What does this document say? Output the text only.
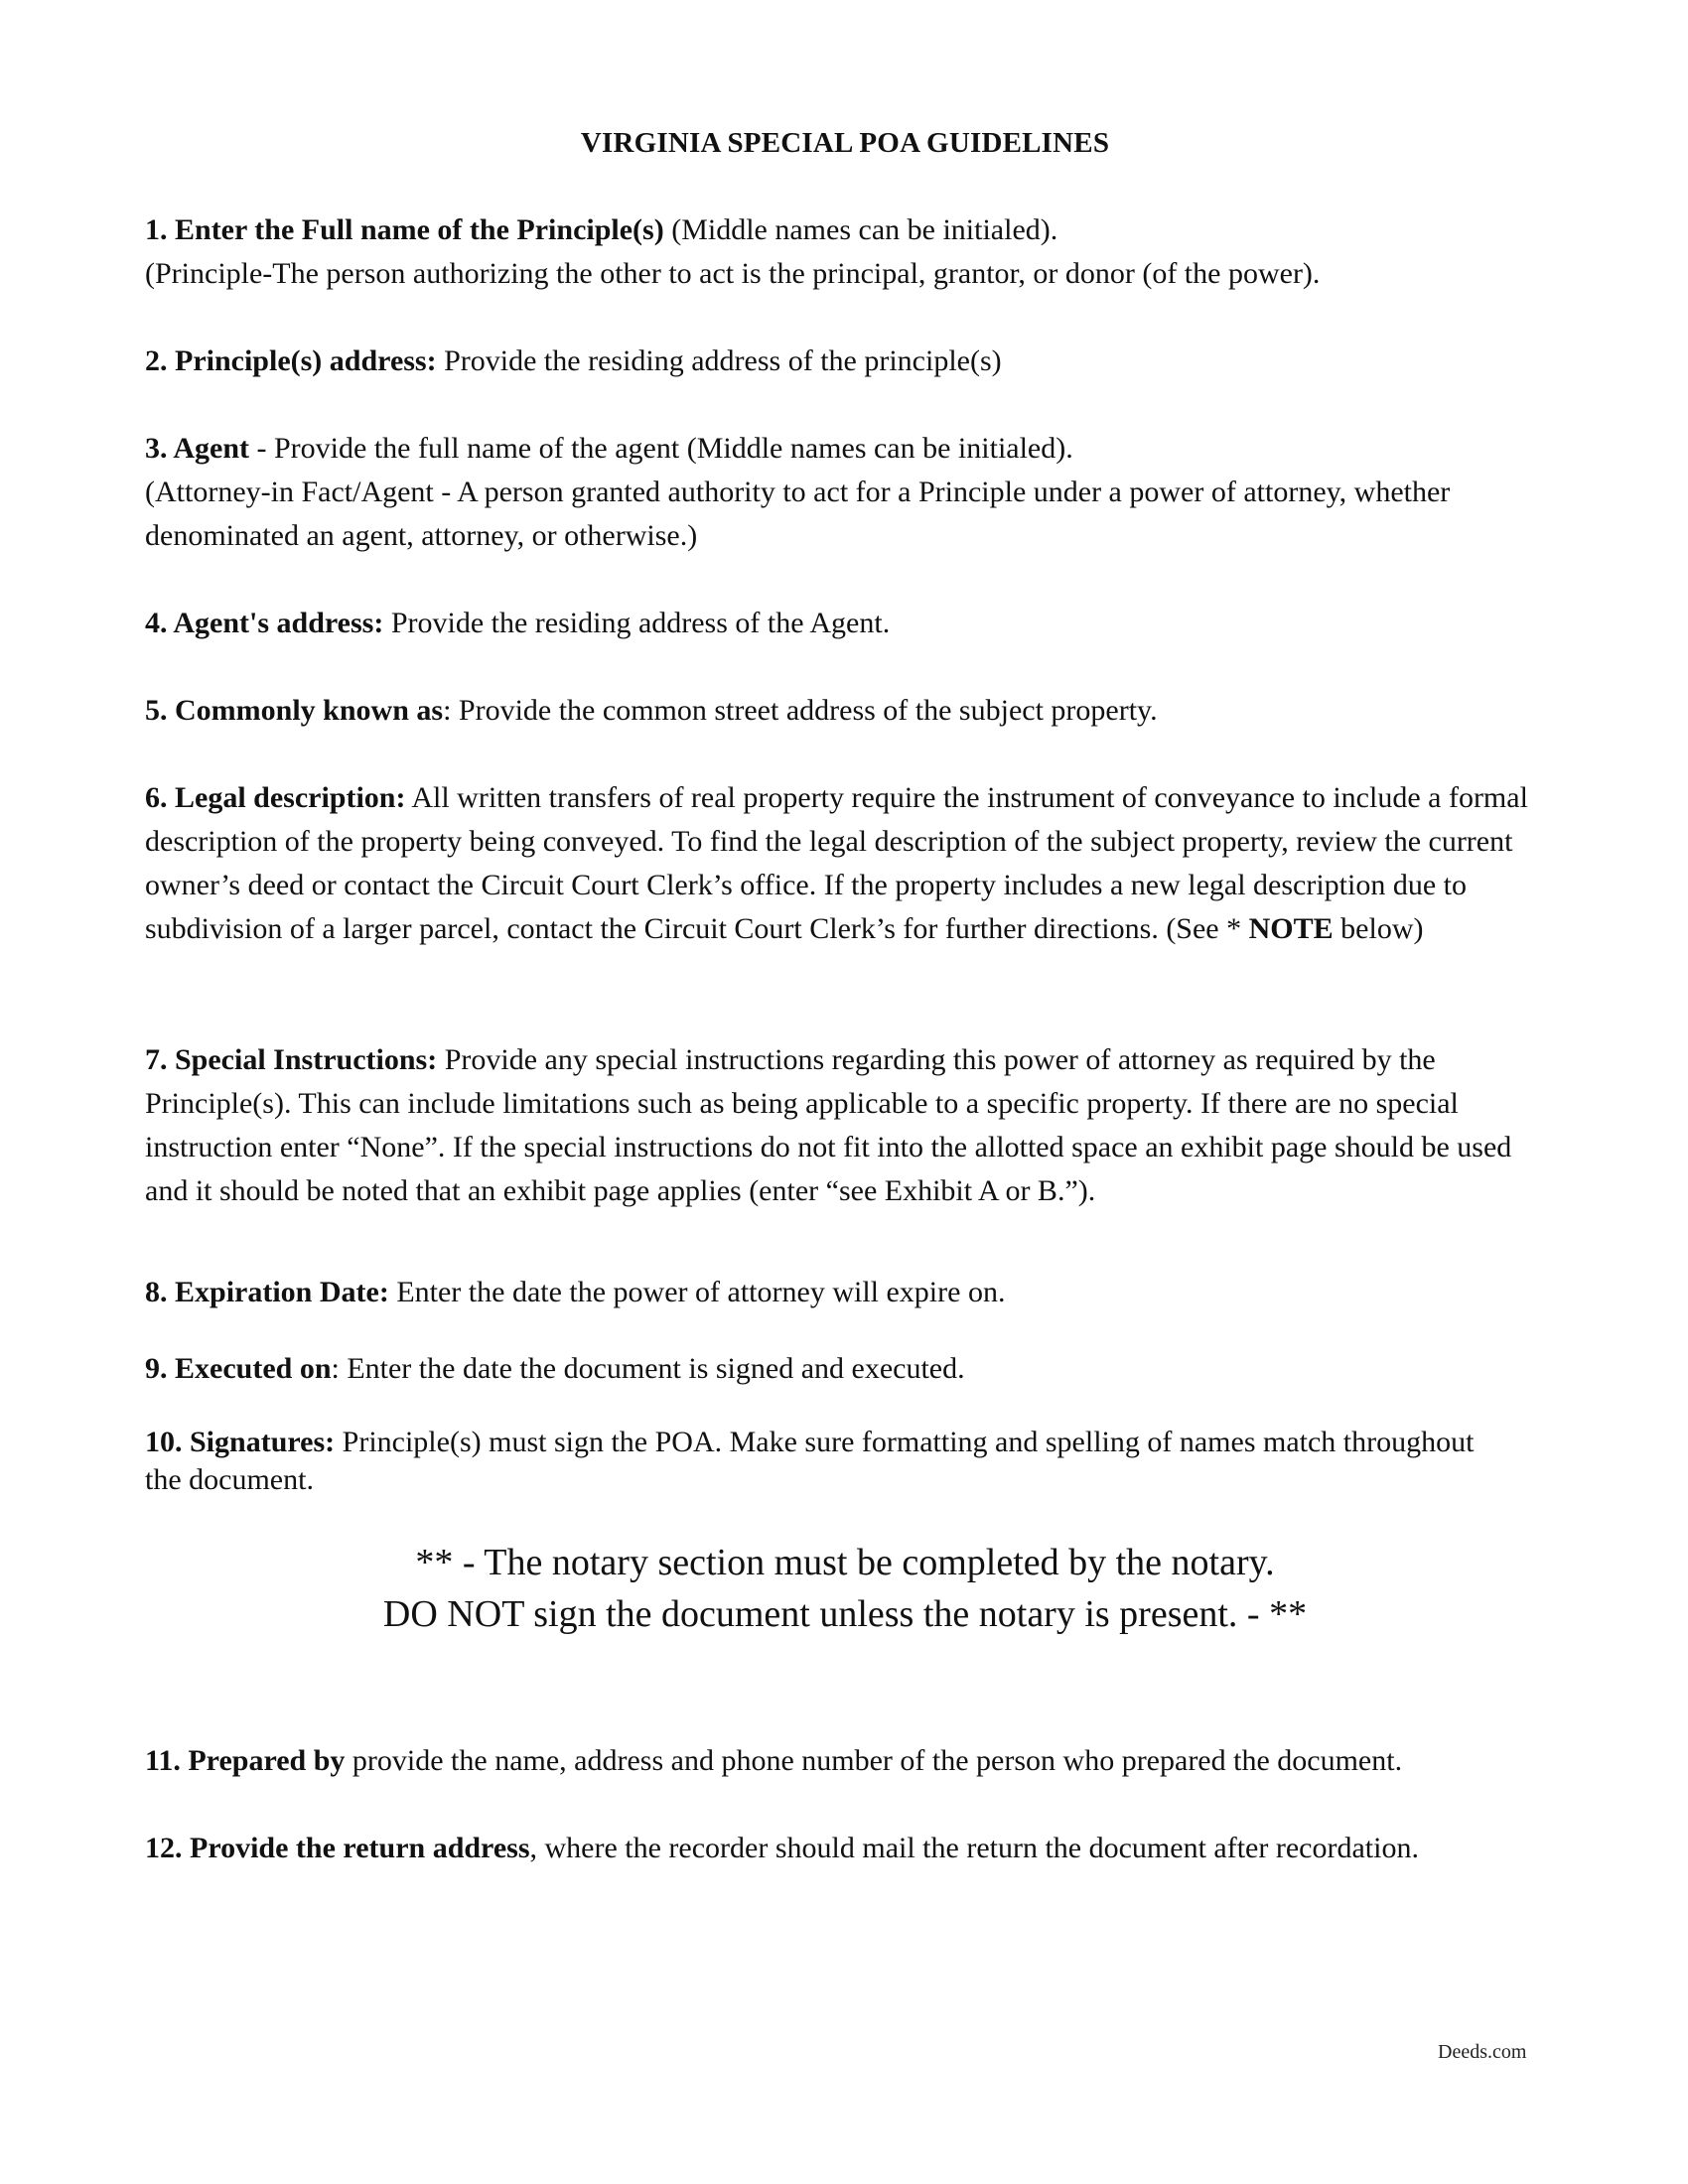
VIRGINIA SPECIAL POA GUIDELINES

1. Enter the Full name of the Principle(s) (Middle names can be initialed).

(Principle-The person authorizing the other to act is the principal, grantor, or donor (of the power).

2. Principle(s) address: Provide the residing address of the principle(s)

3. Agent - Provide the full name of the agent (Middle names can be initialed).

(Attorney-in Fact/Agent - A person granted authority to act for a Principle under a power of attorney, whether denominated an agent, attorney, or otherwise.)

4. Agent's address: Provide the residing address of the Agent.

5. Commonly known as: Provide the common street address of the subject property.

6. Legal description: All written transfers of real property require the instrument of conveyance to include a formal description of the property being conveyed. To find the legal description of the subject property, review the current owner’s deed or contact the Circuit Court Clerk’s office. If the property includes a new legal description due to subdivision of a larger parcel, contact the Circuit Court Clerk’s for further directions. (See * NOTE below)

7. Special Instructions: Provide any special instructions regarding this power of attorney as required by the Principle(s). This can include limitations such as being applicable to a specific property. If there are no special instruction enter “None”. If the special instructions do not fit into the allotted space an exhibit page should be used and it should be noted that an exhibit page applies (enter “see Exhibit A or B.”).

8. Expiration Date: Enter the date the power of attorney will expire on.

9. Executed on: Enter the date the document is signed and executed.

10. Signatures: Principle(s) must sign the POA. Make sure formatting and spelling of names match throughout the document.

** - The notary section must be completed by the notary.

DO NOT sign the document unless the notary is present. - **

11. Prepared by provide the name, address and phone number of the person who prepared the document.

12. Provide the return address, where the recorder should mail the return the document after recordation.

Deeds.com
